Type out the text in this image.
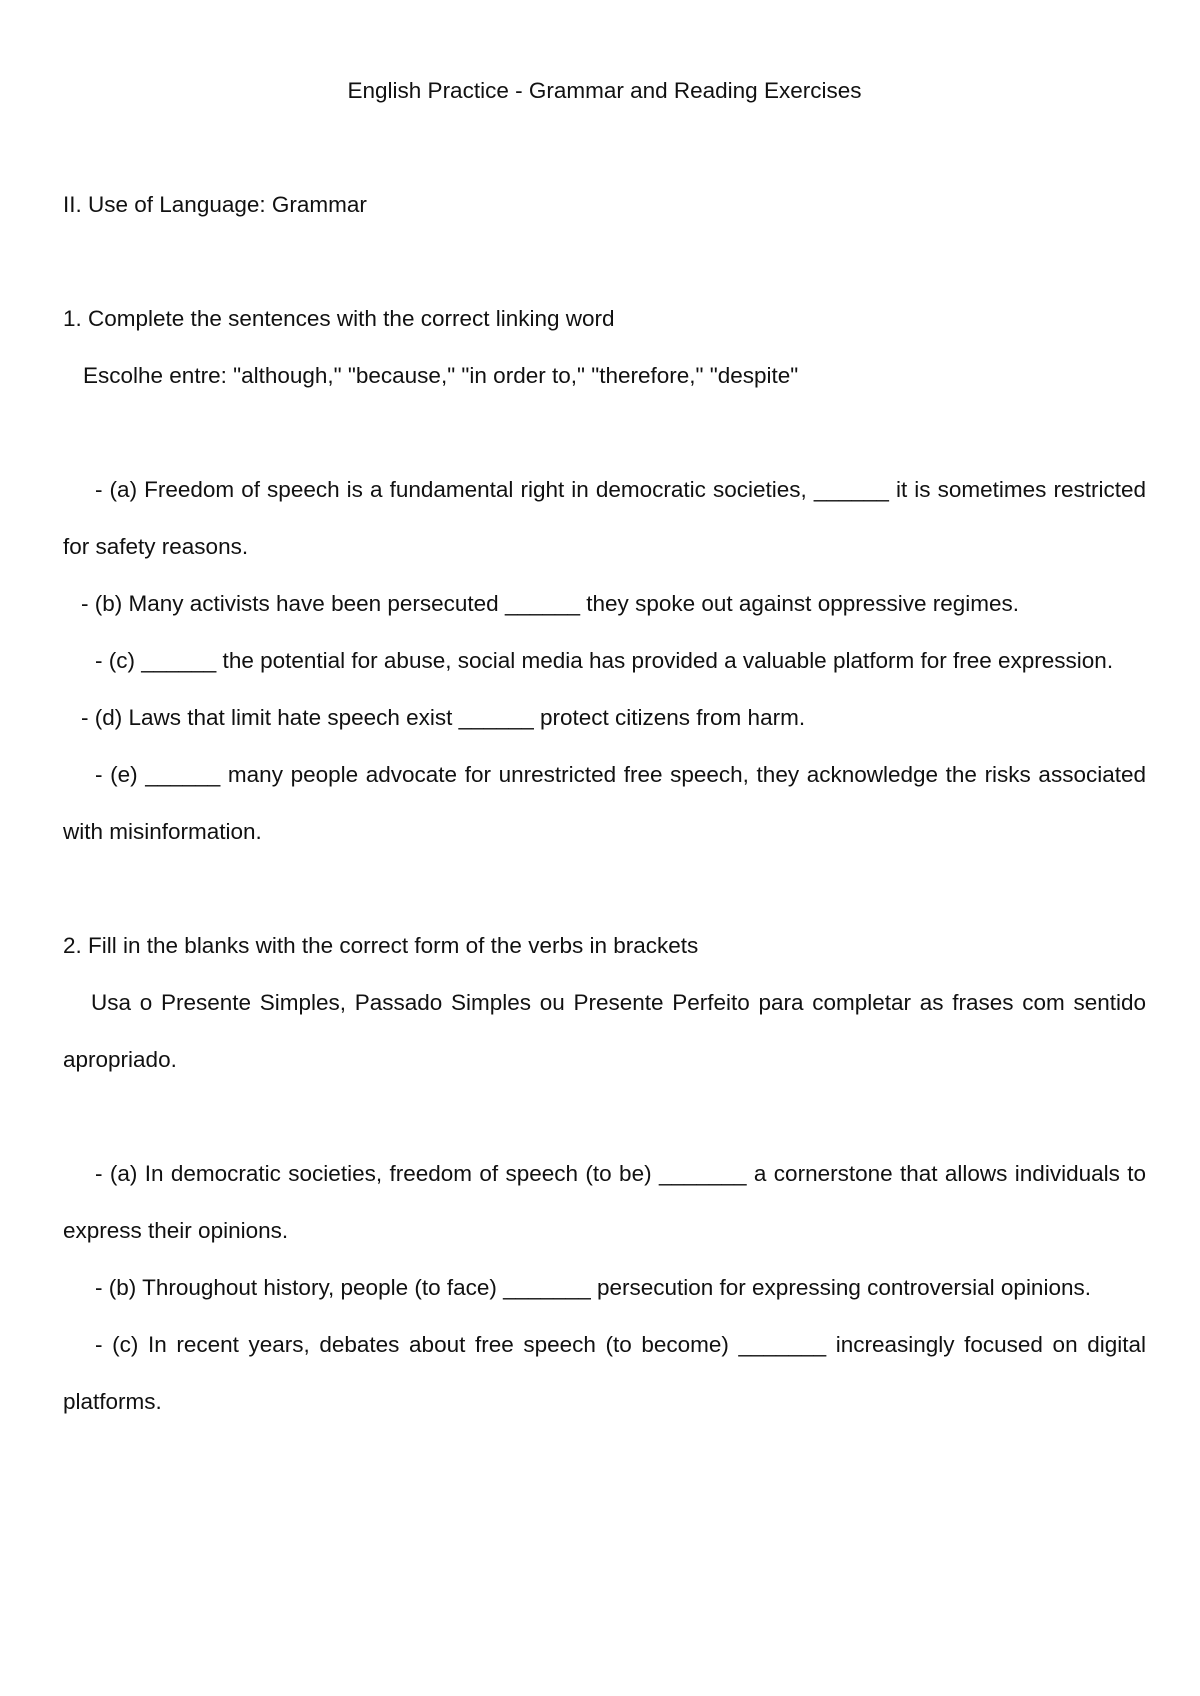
English Practice - Grammar and Reading Exercises

II. Use of Language: Grammar

1. Complete the sentences with the correct linking word

Escolhe entre: "although," "because," "in order to," "therefore," "despite"

- (a) Freedom of speech is a fundamental right in democratic societies, ______ it is sometimes restricted for safety reasons.

- (b) Many activists have been persecuted ______ they spoke out against oppressive regimes.

- (c) ______ the potential for abuse, social media has provided a valuable platform for free expression.

- (d) Laws that limit hate speech exist ______ protect citizens from harm.

- (e) ______ many people advocate for unrestricted free speech, they acknowledge the risks associated with misinformation.

2. Fill in the blanks with the correct form of the verbs in brackets

Usa o Presente Simples, Passado Simples ou Presente Perfeito para completar as frases com sentido apropriado.

- (a) In democratic societies, freedom of speech (to be) _______ a cornerstone that allows individuals to express their opinions.

- (b) Throughout history, people (to face) _______ persecution for expressing controversial opinions.

- (c) In recent years, debates about free speech (to become) _______ increasingly focused on digital platforms.
